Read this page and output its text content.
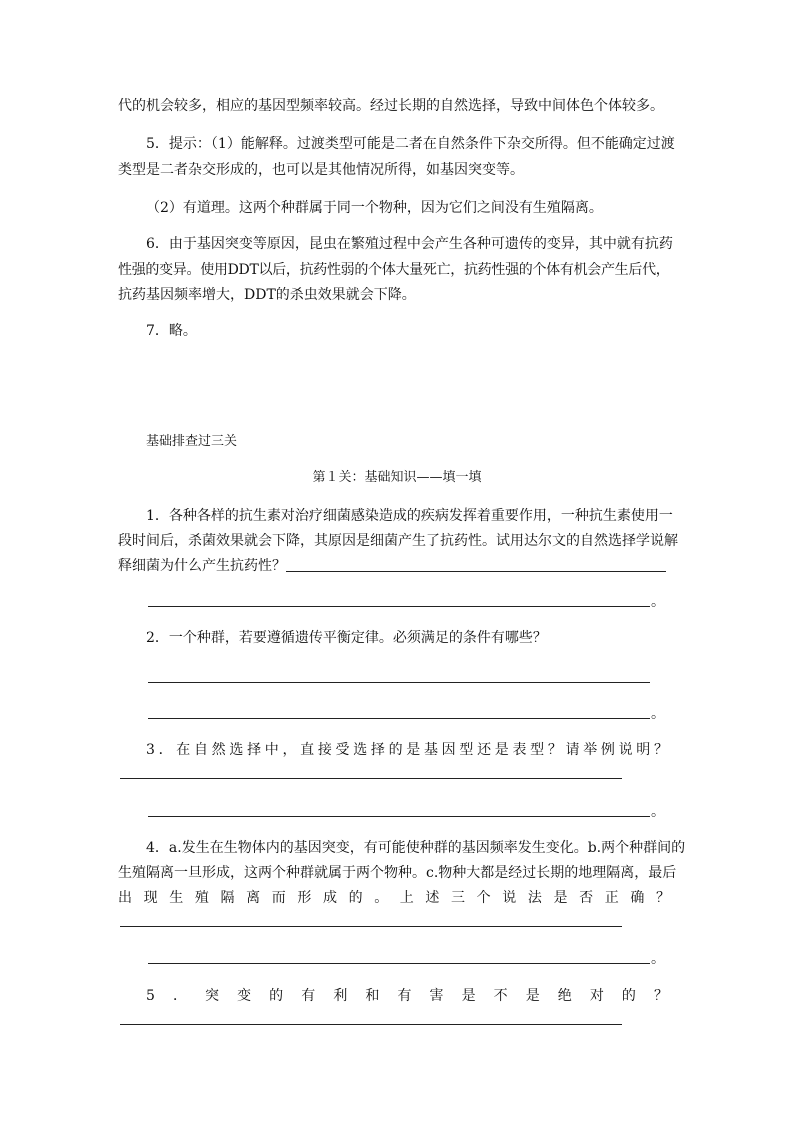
代的机会较多，相应的基因型频率较高。经过长期的自然选择，导致中间体色个体较多。
5．提示：（1）能解释。过渡类型可能是二者在自然条件下杂交所得。但不能确定过渡
类型是二者杂交形成的，也可以是其他情况所得，如基因突变等。
（2）有道理。这两个种群属于同一个物种，因为它们之间没有生殖隔离。
6．由于基因突变等原因，昆虫在繁殖过程中会产生各种可遗传的变异，其中就有抗药
性强的变异。使用DDT以后，抗药性弱的个体大量死亡，抗药性强的个体有机会产生后代，
抗药基因频率增大，DDT的杀虫效果就会下降。
7．略。
基础排查过三关
第１关：基础知识——填一填
1．各种各样的抗生素对治疗细菌感染造成的疾病发挥着重要作用，一种抗生素使用一
段时间后，杀菌效果就会下降，其原因是细菌产生了抗药性。试用达尔文的自然选择学说解
释细菌为什么产生抗药性？
。
2．一个种群，若要遵循遗传平衡定律。必须满足的条件有哪些？
。
3．在自然选择中，直接受选择的是基因型还是表型？请举例说明？
。
4．a.发生在生物体内的基因突变，有可能使种群的基因频率发生变化。b.两个种群间的
生殖隔离一旦形成，这两个种群就属于两个物种。c.物种大都是经过长期的地理隔离，最后
出现生殖隔离而形成的。上述三个说法是否正确？
。
5．突变的有利和有害是不是绝对的？
